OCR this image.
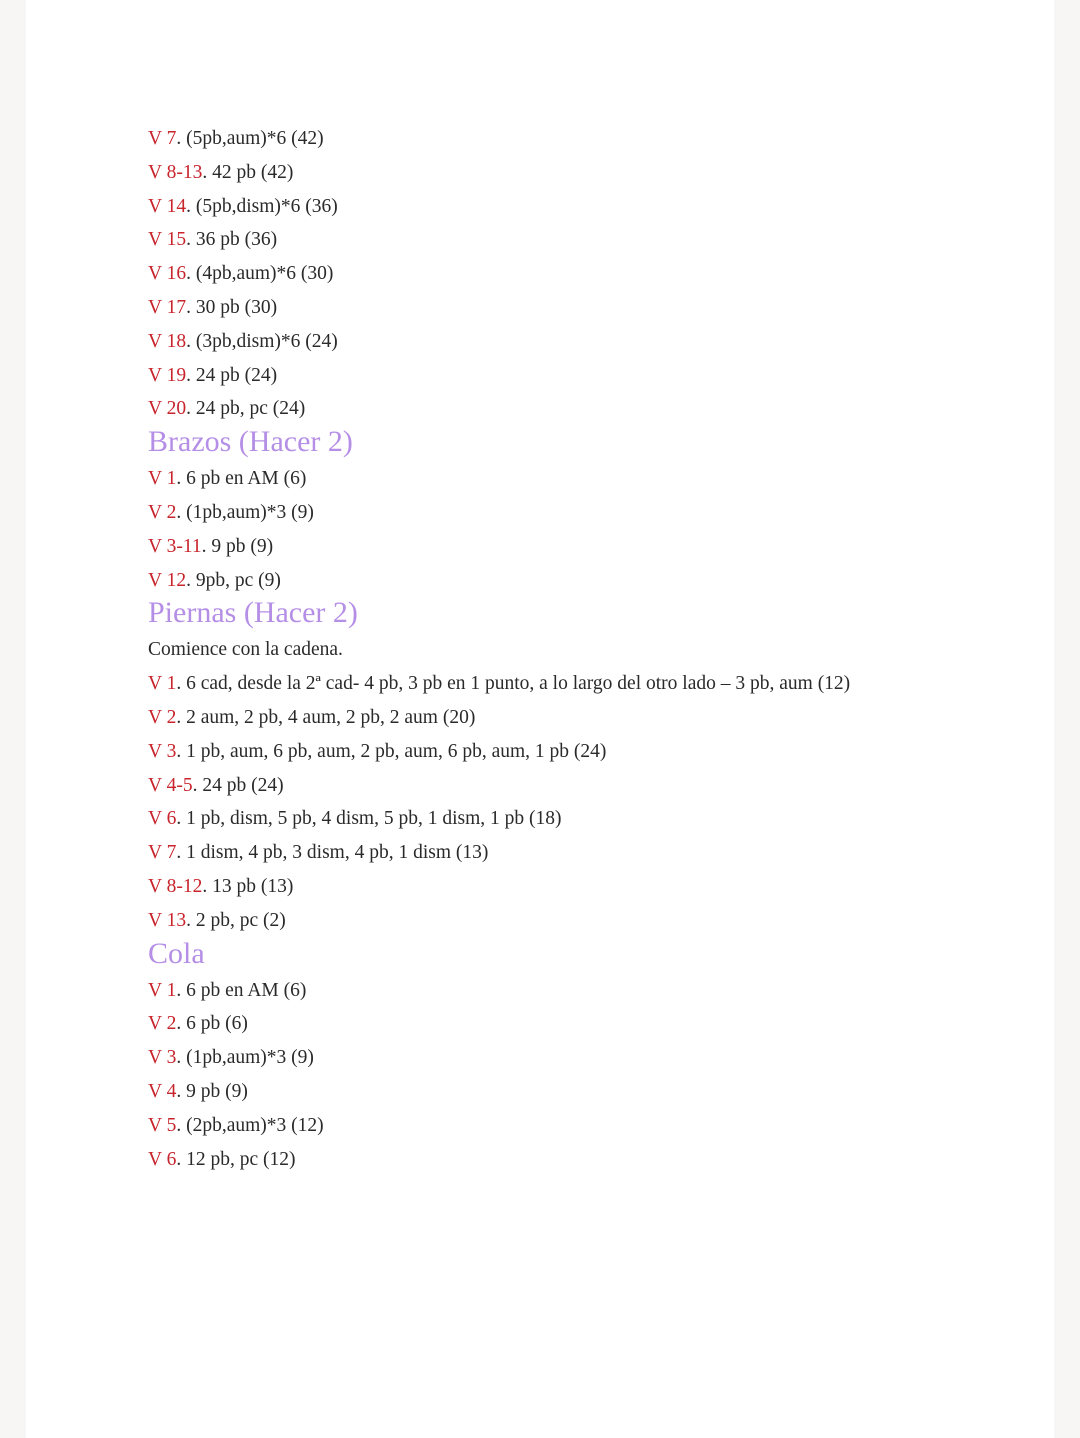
V 7. (5pb,aum)*6 (42)
V 8-13. 42 pb (42)
V 14. (5pb,dism)*6 (36)
V 15. 36 pb (36)
V 16. (4pb,aum)*6 (30)
V 17. 30 pb (30)
V 18. (3pb,dism)*6 (24)
V 19. 24 pb (24)
V 20. 24 pb, pc (24)
Brazos (Hacer 2)
V 1. 6 pb en AM (6)
V 2. (1pb,aum)*3 (9)
V 3-11. 9 pb (9)
V 12. 9pb, pc (9)
Piernas (Hacer 2)
Comience con la cadena.
V 1. 6 cad, desde la 2ª cad- 4 pb, 3 pb en 1 punto, a lo largo del otro lado – 3 pb, aum (12)
V 2. 2 aum, 2 pb, 4 aum, 2 pb, 2 aum (20)
V 3. 1 pb, aum, 6 pb, aum, 2 pb, aum, 6 pb, aum, 1 pb (24)
V 4-5. 24 pb (24)
V 6. 1 pb, dism, 5 pb, 4 dism, 5 pb, 1 dism, 1 pb (18)
V 7. 1 dism, 4 pb, 3 dism, 4 pb, 1 dism (13)
V 8-12. 13 pb (13)
V 13. 2 pb, pc (2)
Cola
V 1. 6 pb en AM (6)
V 2. 6 pb (6)
V 3. (1pb,aum)*3 (9)
V 4. 9 pb (9)
V 5. (2pb,aum)*3 (12)
V 6. 12 pb, pc (12)
